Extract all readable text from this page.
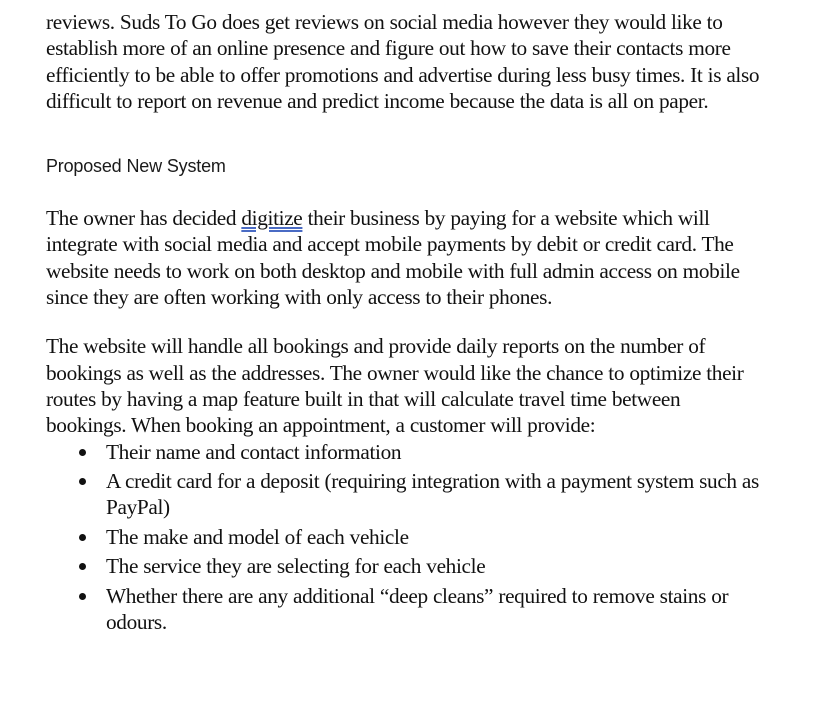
reviews. Suds To Go does get reviews on social media however they would like to establish more of an online presence and figure out how to save their contacts more efficiently to be able to offer promotions and advertise during less busy times. It is also difficult to report on revenue and predict income because the data is all on paper.

Proposed New System

The owner has decided digitize their business by paying for a website which will integrate with social media and accept mobile payments by debit or credit card. The website needs to work on both desktop and mobile with full admin access on mobile since they are often working with only access to their phones.

The website will handle all bookings and provide daily reports on the number of bookings as well as the addresses. The owner would like the chance to optimize their routes by having a map feature built in that will calculate travel time between bookings. When booking an appointment, a customer will provide:

Their name and contact information
A credit card for a deposit (requiring integration with a payment system such as PayPal)
The make and model of each vehicle
The service they are selecting for each vehicle
Whether there are any additional “deep cleans” required to remove stains or odours.
